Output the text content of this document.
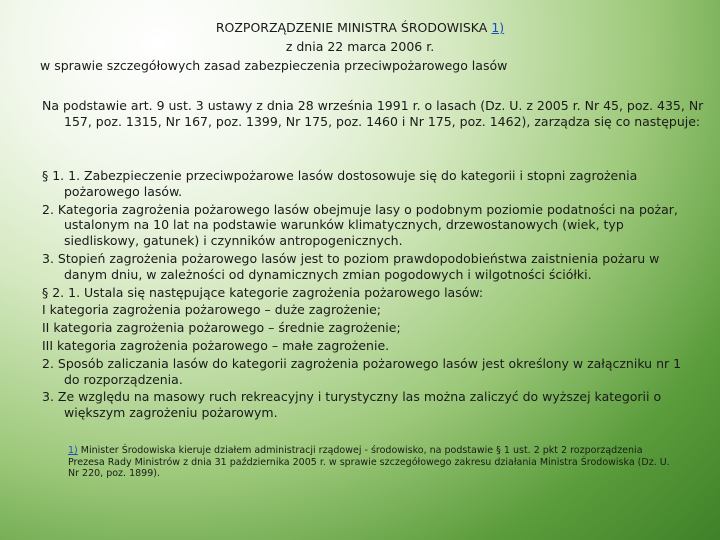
ROZPORZĄDZENIE MINISTRA ŚRODOWISKA 1)
z dnia 22 marca 2006 r.
w sprawie szczegółowych zasad zabezpieczenia przeciwpożarowego lasów
Na podstawie art. 9 ust. 3 ustawy z dnia 28 września 1991 r. o lasach (Dz. U. z 2005 r. Nr 45, poz. 435, Nr 157, poz. 1315, Nr 167, poz. 1399, Nr 175, poz. 1460 i Nr 175, poz. 1462), zarządza się co następuje:

§ 1. 1. Zabezpieczenie przeciwpożarowe lasów dostosowuje się do kategorii i stopni zagrożenia pożarowego lasów.

2. Kategoria zagrożenia pożarowego lasów obejmuje lasy o podobnym poziomie podatności na pożar, ustalonym na 10 lat na podstawie warunków klimatycznych, drzewostanowych (wiek, typ siedliskowy, gatunek) i czynników antropogenicznych.

3. Stopień zagrożenia pożarowego lasów jest to poziom prawdopodobieństwa zaistnienia pożaru w danym dniu, w zależności od dynamicznych zmian pogodowych i wilgotności ściółki.

§ 2. 1. Ustala się następujące kategorie zagrożenia pożarowego lasów:

I kategoria zagrożenia pożarowego – duże zagrożenie;

II kategoria zagrożenia pożarowego – średnie zagrożenie;

III kategoria zagrożenia pożarowego – małe zagrożenie.

2. Sposób zaliczania lasów do kategorii zagrożenia pożarowego lasów jest określony w załączniku nr 1 do rozporządzenia.

3. Ze względu na masowy ruch rekreacyjny i turystyczny las można zaliczyć do wyższej kategorii o większym zagrożeniu pożarowym.

1) Minister Środowiska kieruje działem administracji rządowej - środowisko, na podstawie § 1 ust. 2 pkt 2 rozporządzenia Prezesa Rady Ministrów z dnia 31 października 2005 r. w sprawie szczegółowego zakresu działania Ministra Środowiska (Dz. U. Nr 220, poz. 1899).
